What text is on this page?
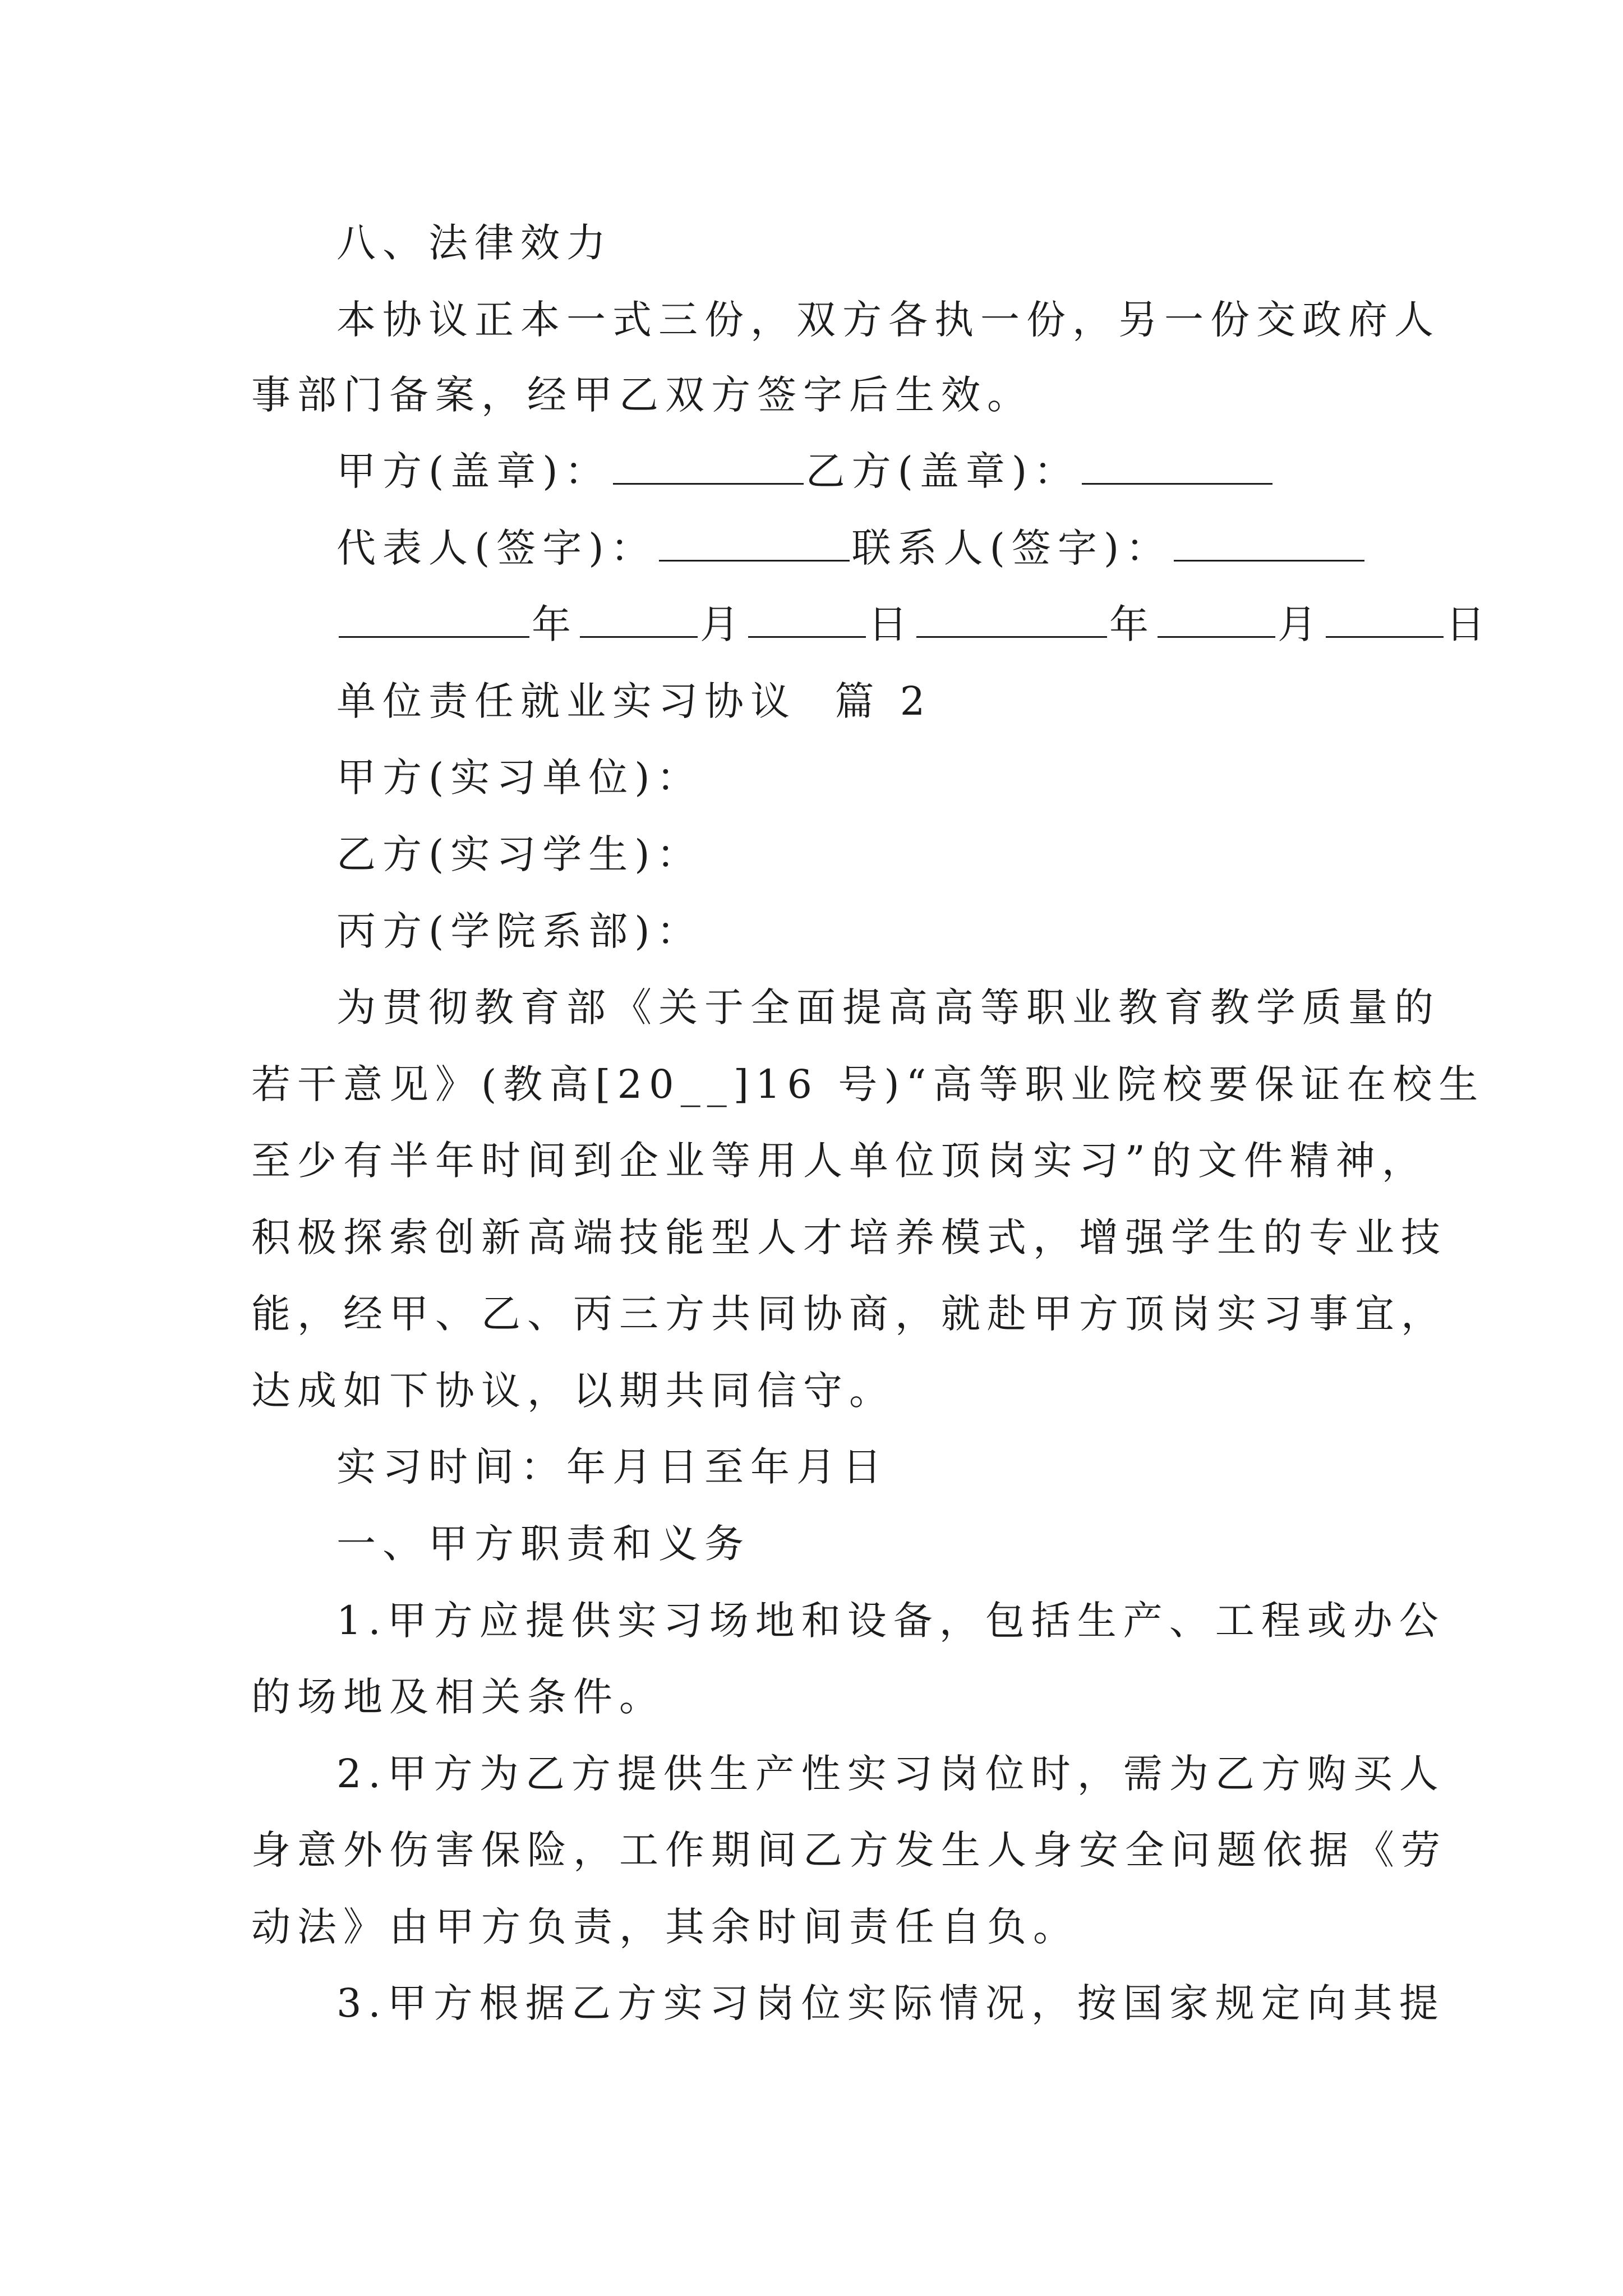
八、法律效力
本协议正本一式三份，双方各执一份，另一份交政府人
事部门备案，经甲乙双方签字后生效。
甲方(盖章)：	乙方(盖章)：
代表人(签字)：	联系人(签字)：
年	月	日	年	月	日
单位责任就业实习协议  篇 2
甲方(实习单位)：
乙方(实习学生)：
丙方(学院系部)：
为贯彻教育部《关于全面提高高等职业教育教学质量的
若干意见》(教高[20__]16 号)“高等职业院校要保证在校生
至少有半年时间到企业等用人单位顶岗实习”的文件精神，
积极探索创新高端技能型人才培养模式，增强学生的专业技
能，经甲、乙、丙三方共同协商，就赴甲方顶岗实习事宜，
达成如下协议，以期共同信守。
实习时间：年月日至年月日
一、甲方职责和义务
1.甲方应提供实习场地和设备，包括生产、工程或办公
的场地及相关条件。
2.甲方为乙方提供生产性实习岗位时，需为乙方购买人
身意外伤害保险，工作期间乙方发生人身安全问题依据《劳
动法》由甲方负责，其余时间责任自负。
3.甲方根据乙方实习岗位实际情况，按国家规定向其提
